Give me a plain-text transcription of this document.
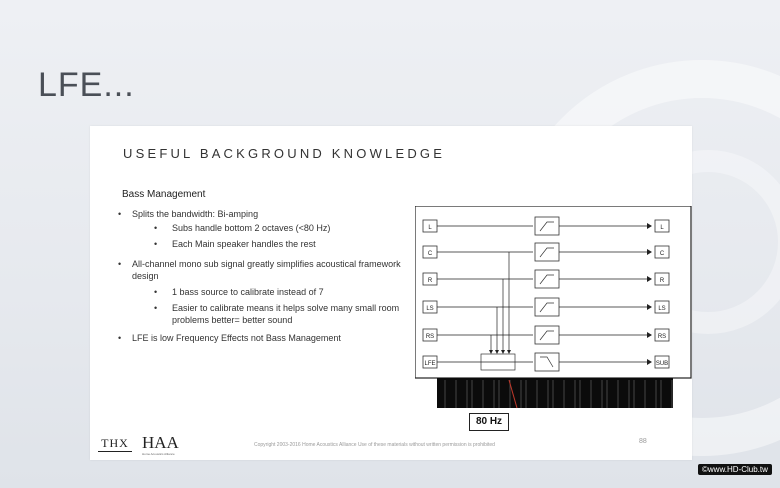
LFE...
USEFUL BACKGROUND KNOWLEDGE
Bass Management
• Splits the bandwidth: Bi-amping
• Subs handle bottom 2 octaves (<80 Hz)
• Each Main speaker handles the rest
• All-channel mono sub signal greatly simplifies acoustical framework design
• 1 bass source to calibrate instead of 7
• Easier to calibrate means it helps solve many small room problems better= better sound
• LFE is low Frequency Effects not Bass Management
L	L
C	C
R	R
LS	LS
RS	RS
LFE	SUB
80 Hz
THX HAA
Home Acoustics Alliance
Copyright 2003-2016 Home Acoustics Alliance Use of these materials without written permission is prohibited	88
©www.HD-Club.tw
